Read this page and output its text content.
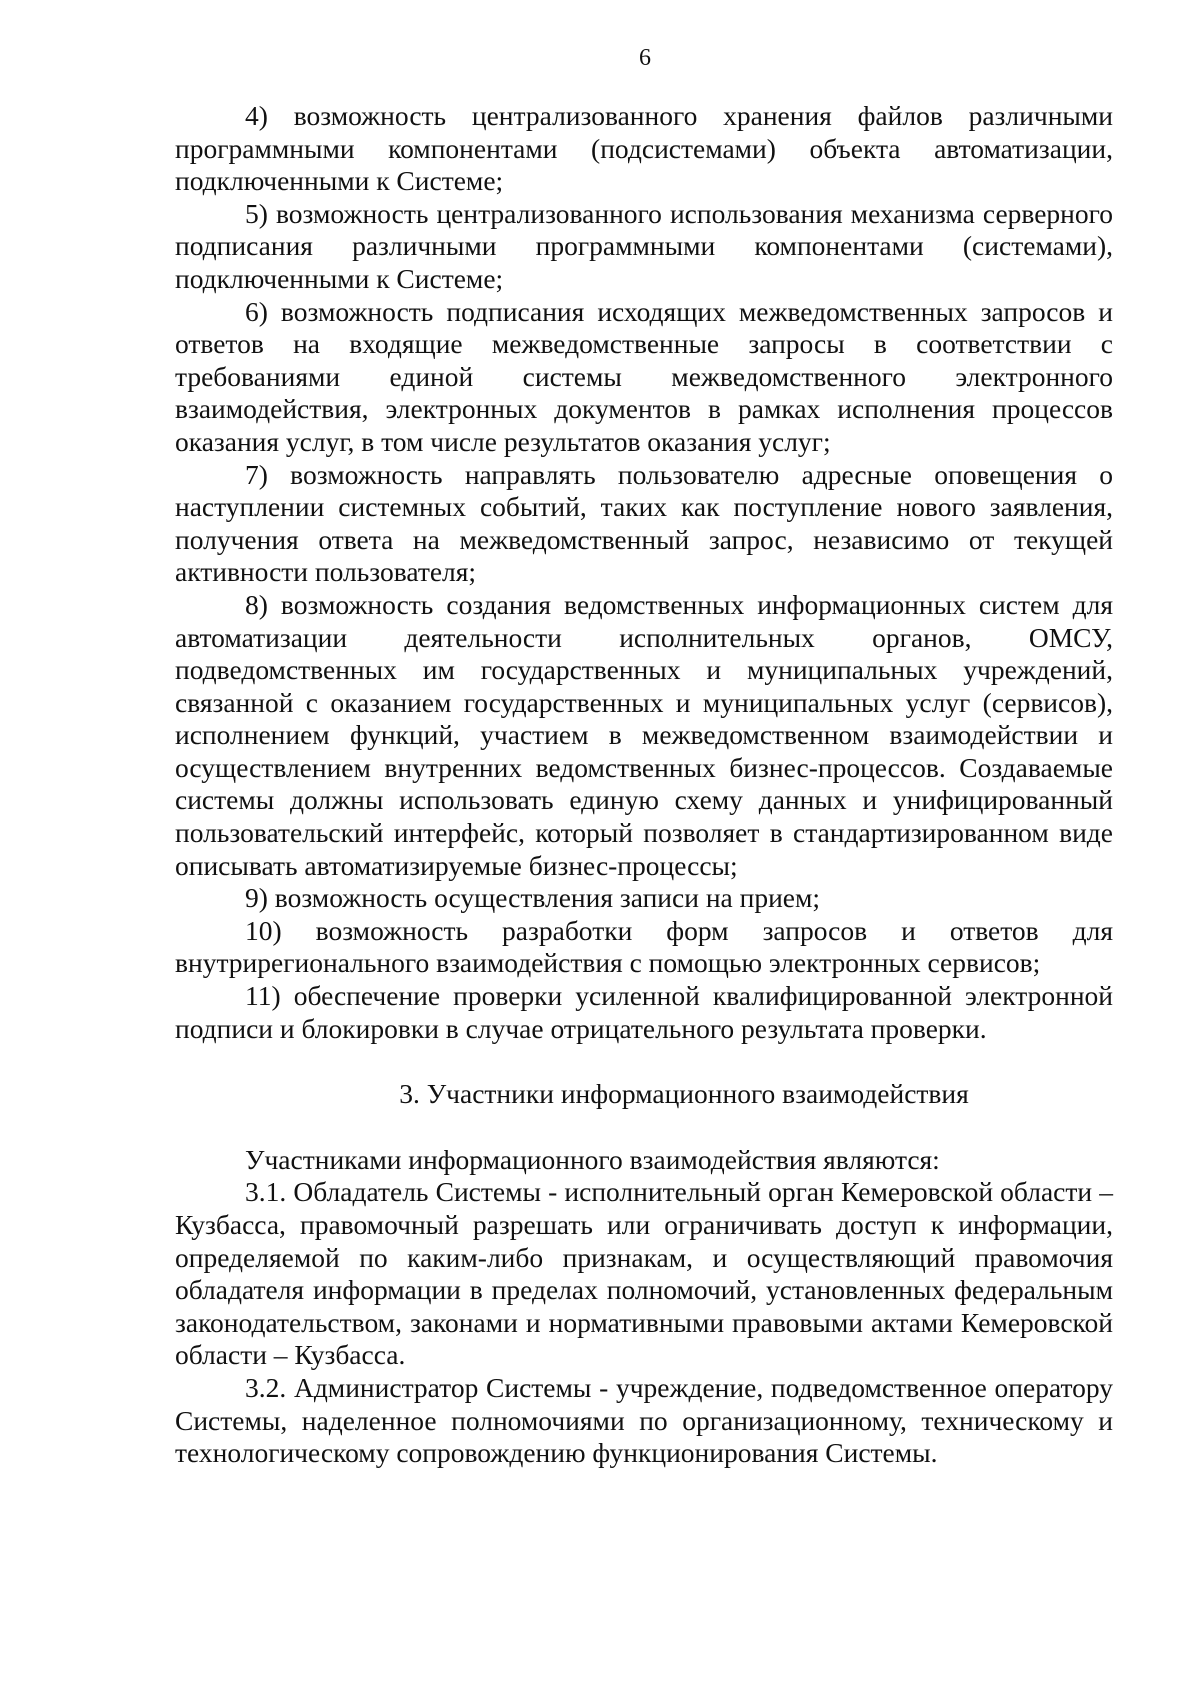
6

4) возможность централизованного хранения файлов различными программными компонентами (подсистемами) объекта автоматизации, подключенными к Системе;

5) возможность централизованного использования механизма серверного подписания различными программными компонентами (системами), подключенными к Системе;

6) возможность подписания исходящих межведомственных запросов и ответов на входящие межведомственные запросы в соответствии с требованиями единой системы межведомственного электронного взаимодействия, электронных документов в рамках исполнения процессов оказания услуг, в том числе результатов оказания услуг;

7) возможность направлять пользователю адресные оповещения о наступлении системных событий, таких как поступление нового заявления, получения ответа на межведомственный запрос, независимо от текущей активности пользователя;

8) возможность создания ведомственных информационных систем для автоматизации деятельности исполнительных органов, ОМСУ, подведомственных им государственных и муниципальных учреждений, связанной с оказанием государственных и муниципальных услуг (сервисов), исполнением функций, участием в межведомственном взаимодействии и осуществлением внутренних ведомственных бизнес-процессов. Создаваемые системы должны использовать единую схему данных и унифицированный пользовательский интерфейс, который позволяет в стандартизированном виде описывать автоматизируемые бизнес-процессы;

9) возможность осуществления записи на прием;

10) возможность разработки форм запросов и ответов для внутрирегионального взаимодействия с помощью электронных сервисов;

11) обеспечение проверки усиленной квалифицированной электронной подписи и блокировки в случае отрицательного результата проверки.

3. Участники информационного взаимодействия

Участниками информационного взаимодействия являются:

3.1. Обладатель Системы - исполнительный орган Кемеровской области – Кузбасса, правомочный разрешать или ограничивать доступ к информации, определяемой по каким-либо признакам, и осуществляющий правомочия обладателя информации в пределах полномочий, установленных федеральным законодательством, законами и нормативными правовыми актами Кемеровской области – Кузбасса.

3.2. Администратор Системы - учреждение, подведомственное оператору Системы, наделенное полномочиями по организационному, техническому и технологическому сопровождению функционирования Системы.
